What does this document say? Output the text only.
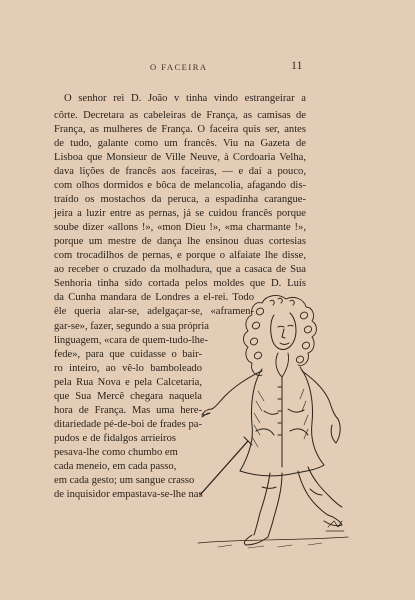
O FACEIRA	11
O senhor rei D. João v tinha vindo estrangeirar a
côrte. Decretara as cabeleiras de França, as camisas de
França, as mulheres de França. O faceira quis ser, antes
de tudo, galante como um francês. Viu na Gazeta de
Lisboa que Monsieur de Ville Neuve, à Cordoaria Velha,
dava lições de francês aos faceiras, — e daí a pouco,
com olhos dormidos e bôca de melancolia, afagando dis-
traído os mostachos da peruca, a espadinha carangue-
jeira a luzir entre as pernas, já se cuidou francês porque
soube dizer «allons !», «mon Dieu !», «ma charmante !»,
porque um mestre de dança lhe ensinou duas cortesias
com trocadilhos de pernas, e porque o alfaiate lhe disse,
ao receber o cruzado da molhadura, que a casaca de Sua
Senhoria tinha sido cortada pelos moldes que D. Luís
da Cunha mandara de Londres a el-rei. Todo
êle queria alar-se, adelgaçar-se, «aframen-
gar-se», fazer, segundo a sua própria
linguagem, «cara de quem-tudo-lhe-
fede», para que cuidasse o bair-
ro inteiro, ao vê-lo bamboleado
pela Rua Nova e pela Calcetaria,
que Sua Mercê chegara naquela
hora de França. Mas uma here-
ditariedade pé-de-boi de frades pa-
pudos e de fidalgos arrieiros
pesava-lhe como chumbo em
cada meneio, em cada passo,
em cada gesto; um sangue crasso
de inquisidor empastava-se-lhe nas
